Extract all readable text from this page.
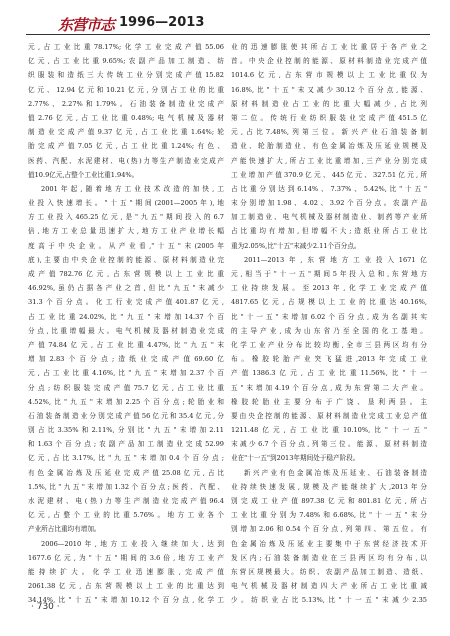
东营市志 1996—2013
元,占工业比重78.17%;化学工业完成产值55.06
亿元,占工业比重9.65%;农副产品加工制造、纺
织服装和造纸三大传统工业分别完成产值15.82
亿元、12.94亿元和10.21亿元,分别占工业的比重
2.77%、2.27%和1.79%。石油装备制造业完成产
值2.76亿元,占工业比重0.48%;电气机械及器材
制造业完成产值9.37亿元,占工业比重1.64%;轮
胎完成产值7.05亿元,占工业比重1.24%;有色、
医药、汽配、水泥建材、电(热)力等生产制造业完成产
值10.9亿元,占整个工业比重1.94%。
2001年起,随着地方工业技术改造的加快,工
业投入快速增长。"十五"期间(2001—2005年),地
方工业投入465.25亿元,是"九五"期间投入的6.7
倍,地方工业总量迅速扩大,地方工业产业增长幅
度高于中央企业。从产业看,"十五"末(2005年
底),主要由中央企业控制的能源、原材料制造业完
成产值782.76亿元,占东营规模以上工业比重
46.92%,虽仍占据各产业之首,但比"九五"末减少
31.3个百分点。化工行业完成产值401.87亿元,
占工业比重24.02%,比"九五"末增加14.37个百
分点,比重增幅最大。电气机械及器材制造业完成
产值74.84亿元,占工业比重4.47%,比"九五"末
增加2.83个百分点;造纸业完成产值69.60亿
元,占工业比重4.16%,比"九五"末增加2.37个百
分点;纺织服装完成产值75.7亿元,占工业比重
4.52%,比"九五"末增加2.25个百分点;轮胎业和
石油装备制造业分别完成产值56亿元和35.4亿元,分
别占比3.35%和2.11%,分别比"九五"末增加2.11
和1.63个百分点;农副产品加工制造业完成52.99
亿元,占比3.17%,比"九五"末增加0.4个百分点;
有色金属冶炼及压延业完成产值25.08亿元,占比
1.5%,比"九五"末增加1.32个百分点;医药、汽配、
水泥建材、电(热)力等生产制造业完成产值96.4
亿元,占整个工业的比重5.76%。地方工业各个
产业所占比重均有增加。
2006—2010年,地方工业投入继续加大,达到
1677.6亿元,为"十五"期间的3.6倍,地方工业产
能持续扩大。化学工业迅速膨胀,完成产值
2061.38亿元,占东营规模以上工业的比重达到
34.14%,比"十五"末增加10.12个百分点,化学工
业的迅速膨胀使其所占工业比重居于各产业之
首。中央企业控制的能源、原材料制造业完成产值
1014.6亿元,占东营市规模以上工业比重仅为
16.8%,比"十五"末又减少30.12个百分点,能源、
原材料制造业占工业的比重大幅减少,占比列
第二位。传统行业纺织服装业完成产值451.5亿
元,占比7.48%,列第三位。新兴产业石油装备制
造业、轮胎制造业、有色金属冶炼及压延业规模及
产能快速扩大,所占工业比重增加,三产业分别完成
工业增加产值370.9亿元、445亿元、327.51亿元,所
占比重分别达到6.14%、7.37%、5.42%,比"十五"
末分别增加1.98、4.02、3.92个百分点。农副产品
加工制造业、电气机械及器材制造业、制药等产业所
占比重均有增加,但增幅不大;造纸业所占工业比
重为2.05%,比"十五"末减少2.11个百分点。
2011—2013年,东营地方工业投入1671亿
元,相当于"十一五"期间5年投入总和,东营地方
工业持续发展。至2013年,化学工业完成产值
4817.65亿元,占规模以上工业的比重达40.16%,
比"十一五"末增加6.02个百分点,成为名副其实
的主导产业,成为山东省乃至全国的化工基地。
化学工业产业分布比较均衡,全市三县两区均有分
布。橡胶轮胎产业突飞猛进,2013年完成工业
产值1386.3亿元,占工业比重11.56%,比"十一
五"末增加4.19个百分点,成为东营第二大产业。
橡胶轮胎业主要分布于广饶、垦利两县。主
要由央企控制的能源、原材料制造业完成工业总产值
1211.48亿元,占工业比重10.10%,比"十一五"
末减少6.7个百分点,列第三位。能源、原材料制造
业在"十一五"到2013年期间处于稳产阶段。
新兴产业有色金属冶炼及压延业、石油装备制造
业持续快速发展,规模及产能继续扩大,2013年分
别完成工业产值897.38亿元和801.81亿元,所占
工业比重分别为7.48%和6.68%,比"十一五"末分
别增加2.06和0.54个百分点,列第四、第五位。有
色金属冶炼及压延业主要集中于东营经济技术开
发区内;石油装备制造业在三县两区均有分布,以
东营区规模最大。纺织、农副产品加工制造、造纸、
电气机械及器材制造四大产业所占工业比重减
少。纺织业占比5.13%,比"十一五"末减少2.35
· 730 ·
